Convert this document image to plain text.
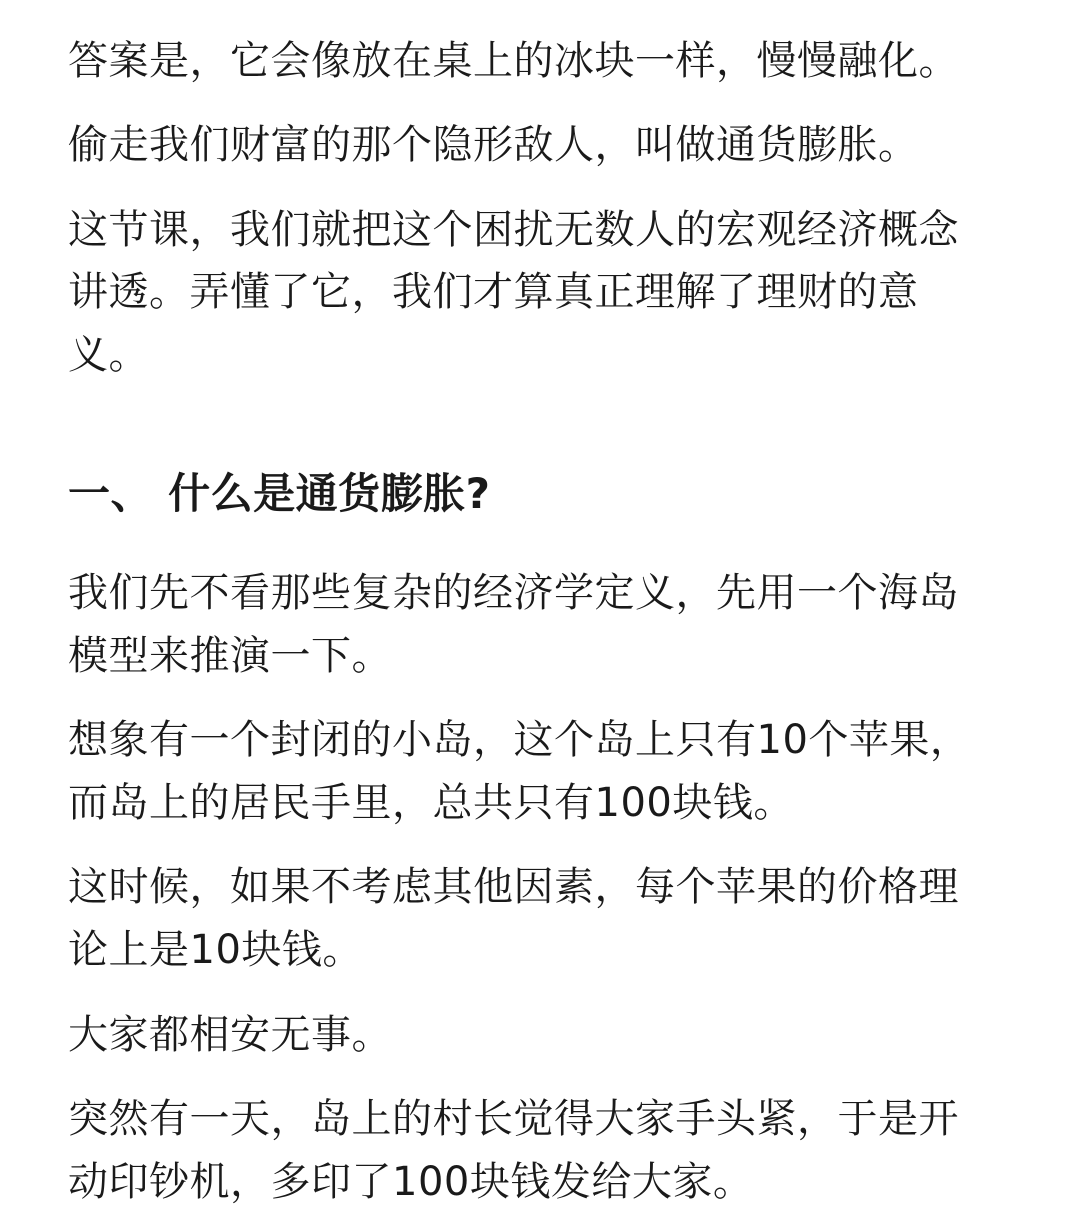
答案是，它会像放在桌上的冰块一样，慢慢融化。
偷走我们财富的那个隐形敌人，叫做通货膨胀。
这节课，我们就把这个困扰无数人的宏观经济概念
讲透。弄懂了它，我们才算真正理解了理财的意
义。
一、 什么是通货膨胀?
我们先不看那些复杂的经济学定义，先用一个海岛
模型来推演一下。
想象有一个封闭的小岛，这个岛上只有10个苹果，
而岛上的居民手里，总共只有100块钱。
这时候，如果不考虑其他因素，每个苹果的价格理
论上是10块钱。
大家都相安无事。
突然有一天，岛上的村长觉得大家手头紧，于是开
动印钞机，多印了100块钱发给大家。
